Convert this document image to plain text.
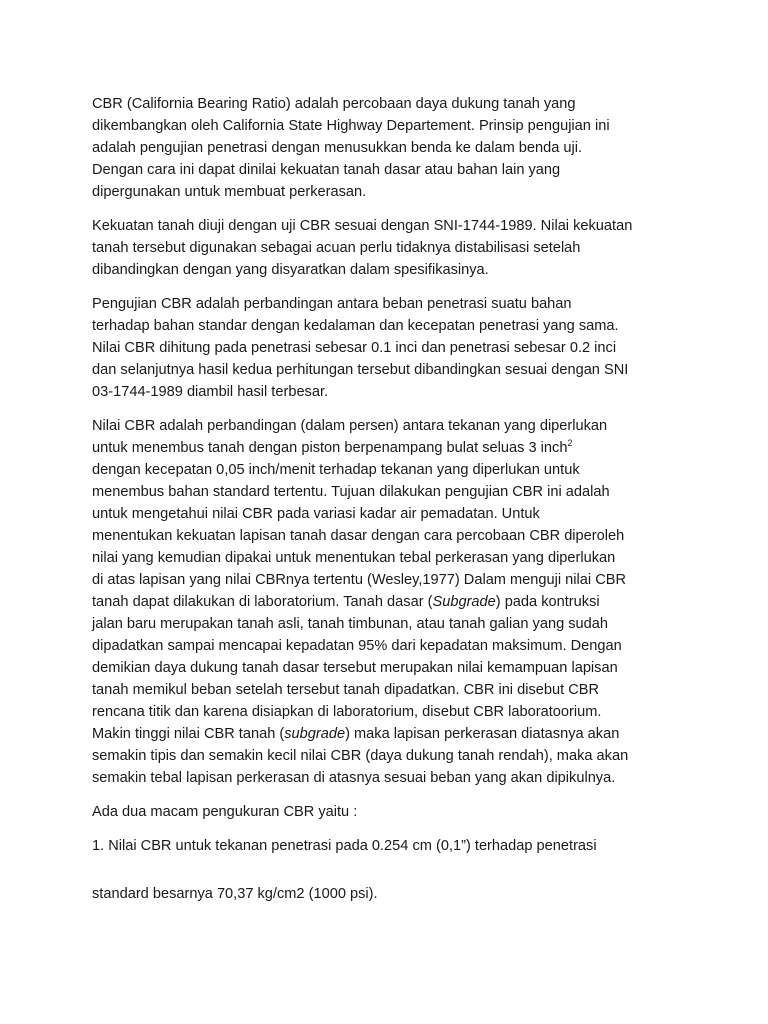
CBR (California Bearing Ratio) adalah percobaan daya dukung tanah yang
dikembangkan oleh California State Highway Departement. Prinsip pengujian ini
adalah pengujian penetrasi dengan menusukkan benda ke dalam benda uji.
Dengan cara ini dapat dinilai kekuatan tanah dasar atau bahan lain yang
dipergunakan untuk membuat perkerasan.

Kekuatan tanah diuji dengan uji CBR sesuai dengan SNI-1744-1989. Nilai kekuatan
tanah tersebut digunakan sebagai acuan perlu tidaknya distabilisasi setelah
dibandingkan dengan yang disyaratkan dalam spesifikasinya.

Pengujian CBR adalah perbandingan antara beban penetrasi suatu bahan
terhadap bahan standar dengan kedalaman dan kecepatan penetrasi yang sama.
Nilai CBR dihitung pada penetrasi sebesar 0.1 inci dan penetrasi sebesar 0.2 inci
dan selanjutnya hasil kedua perhitungan tersebut dibandingkan sesuai dengan SNI
03-1744-1989 diambil hasil terbesar.

Nilai CBR adalah perbandingan (dalam persen) antara tekanan yang diperlukan
untuk menembus tanah dengan piston berpenampang bulat seluas 3 inch$^2$
dengan kecepatan 0,05 inch/menit terhadap tekanan yang diperlukan untuk
menembus bahan standard tertentu. Tujuan dilakukan pengujian CBR ini adalah
untuk mengetahui nilai CBR pada variasi kadar air pemadatan. Untuk
menentukan kekuatan lapisan tanah dasar dengan cara percobaan CBR diperoleh
nilai yang kemudian dipakai untuk menentukan tebal perkerasan yang diperlukan
di atas lapisan yang nilai CBRnya tertentu (Wesley,1977) Dalam menguji nilai CBR
tanah dapat dilakukan di laboratorium. Tanah dasar (Subgrade) pada kontruksi
jalan baru merupakan tanah asli, tanah timbunan, atau tanah galian yang sudah
dipadatkan sampai mencapai kepadatan 95% dari kepadatan maksimum. Dengan
demikian daya dukung tanah dasar tersebut merupakan nilai kemampuan lapisan
tanah memikul beban setelah tersebut tanah dipadatkan. CBR ini disebut CBR
rencana titik dan karena disiapkan di laboratorium, disebut CBR laboratoorium.
Makin tinggi nilai CBR tanah (subgrade) maka lapisan perkerasan diatasnya akan
semakin tipis dan semakin kecil nilai CBR (daya dukung tanah rendah), maka akan
semakin tebal lapisan perkerasan di atasnya sesuai beban yang akan dipikulnya.

Ada dua macam pengukuran CBR yaitu :

1. Nilai CBR untuk tekanan penetrasi pada 0.254 cm (0,1”) terhadap penetrasi

standard besarnya 70,37 kg/cm2 (1000 psi).
